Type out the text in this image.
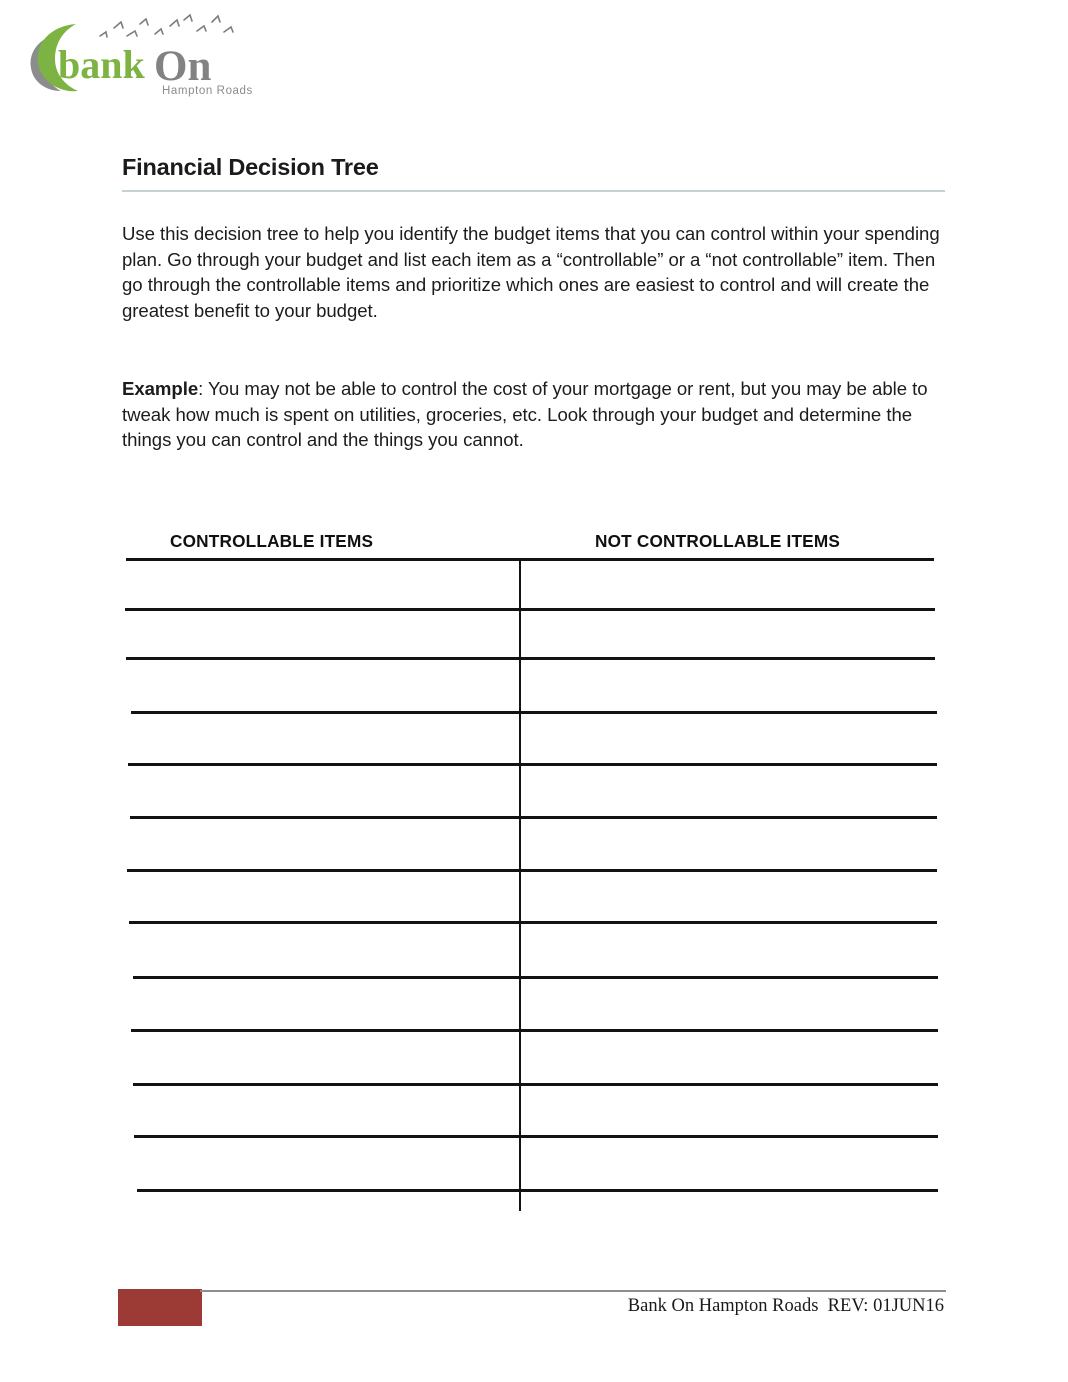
bank On
Hampton Roads
Financial Decision Tree
Use this decision tree to help you identify the budget items that you can control within your spending plan. Go through your budget and list each item as a “controllable” or a “not controllable” item. Then go through the controllable items and prioritize which ones are easiest to control and will create the greatest benefit to your budget.
Example: You may not be able to control the cost of your mortgage or rent, but you may be able to tweak how much is spent on utilities, groceries, etc. Look through your budget and determine the things you can control and the things you cannot.
CONTROLLABLE ITEMS	NOT CONTROLLABLE ITEMS
Bank On Hampton Roads  REV: 01JUN16
